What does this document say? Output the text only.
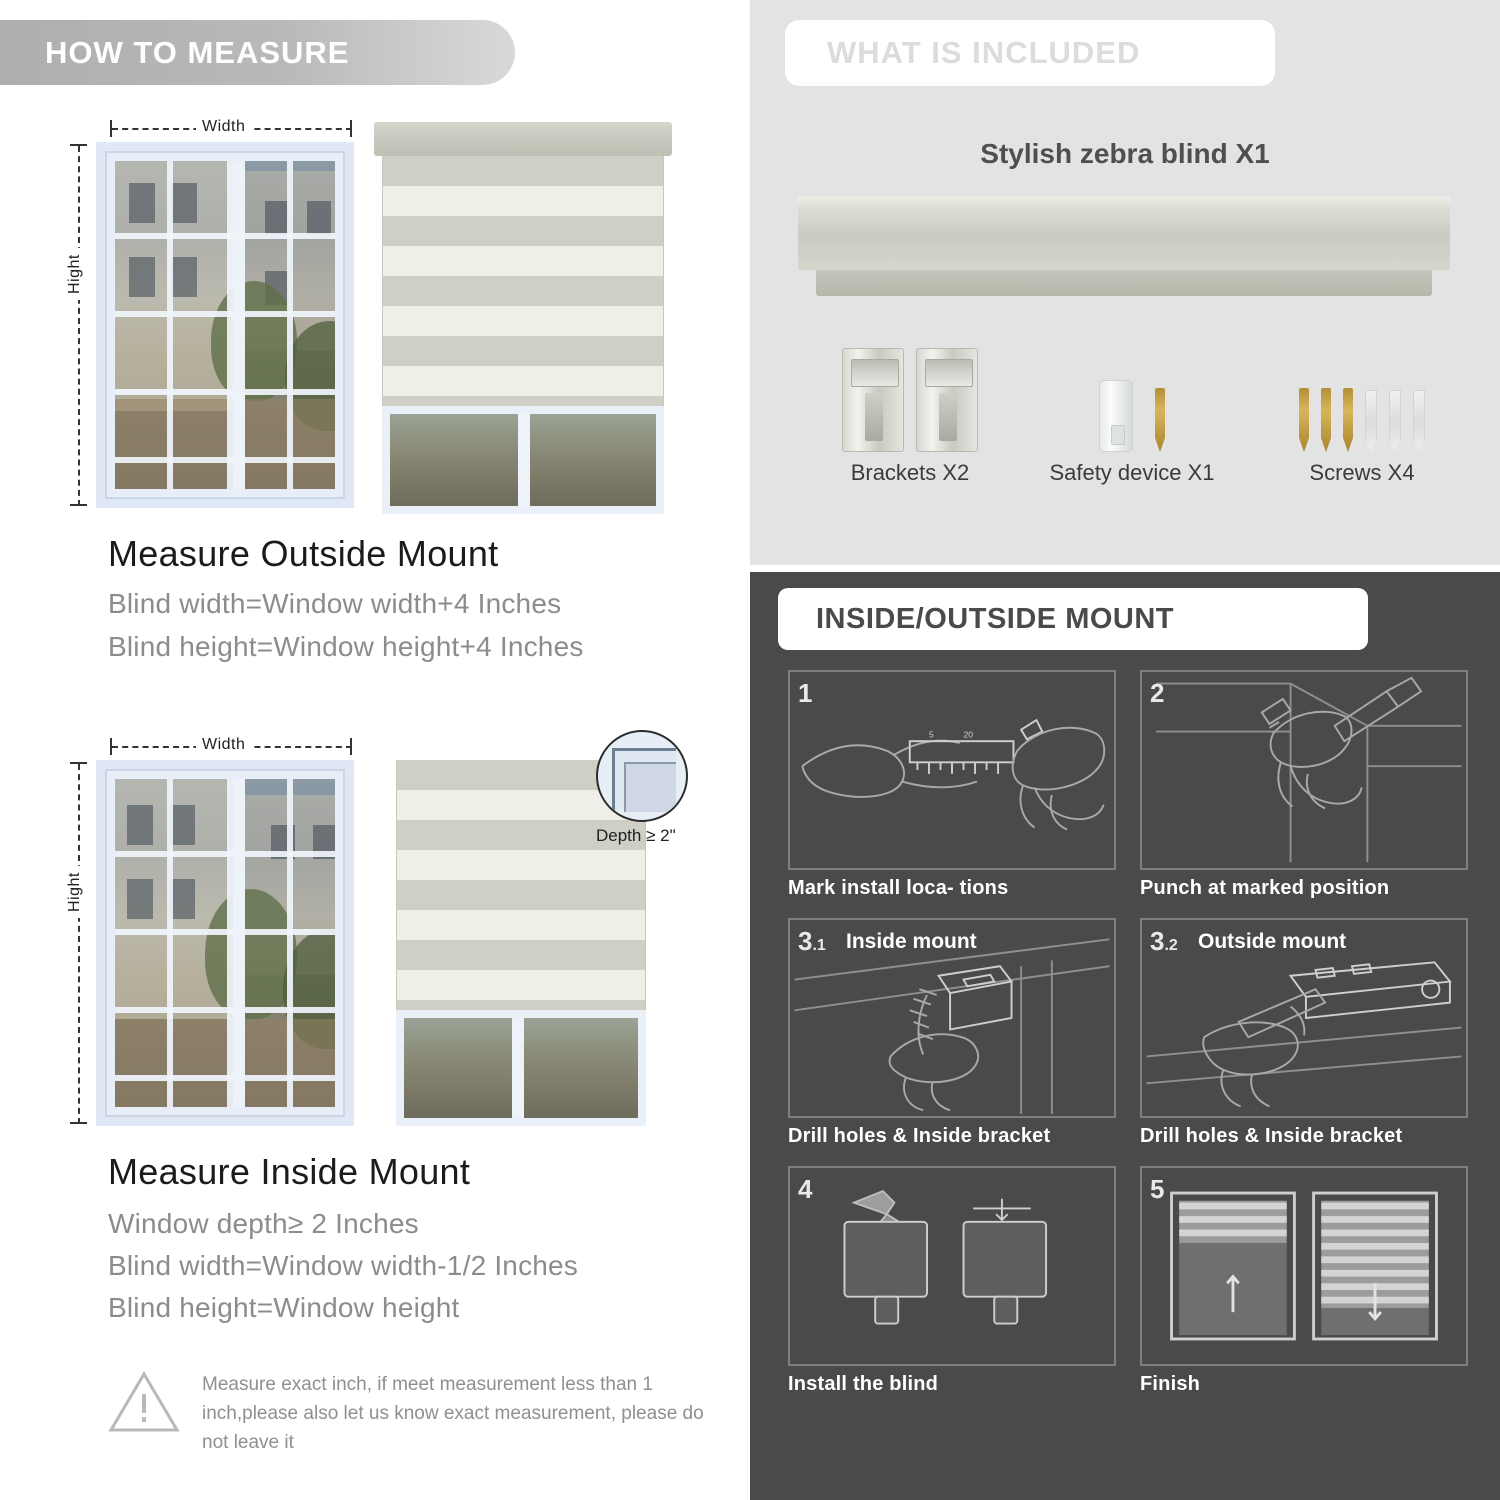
HOW TO MEASURE
Width
Hight
Measure Outside Mount
Blind width=Window width+4 Inches
Blind height=Window height+4 Inches
Width
Hight
Depth ≥ 2"
Measure Inside Mount
Window depth≥ 2 Inches
Blind width=Window width-1/2 Inches
Blind height=Window height
Measure exact inch, if meet measurement less than 1 inch,please also let us know exact measurement, please do not leave it
WHAT IS INCLUDED
Stylish zebra blind X1
Brackets X2	Safety device X1	Screws X4
INSIDE/OUTSIDE MOUNT
5	20
1
Mark install loca- tions
2
Punch at marked position
3.1 Inside mount
Drill holes & Inside bracket
3.2 Outside mount
Drill holes & Inside bracket
4
Install the blind
5
Finish
